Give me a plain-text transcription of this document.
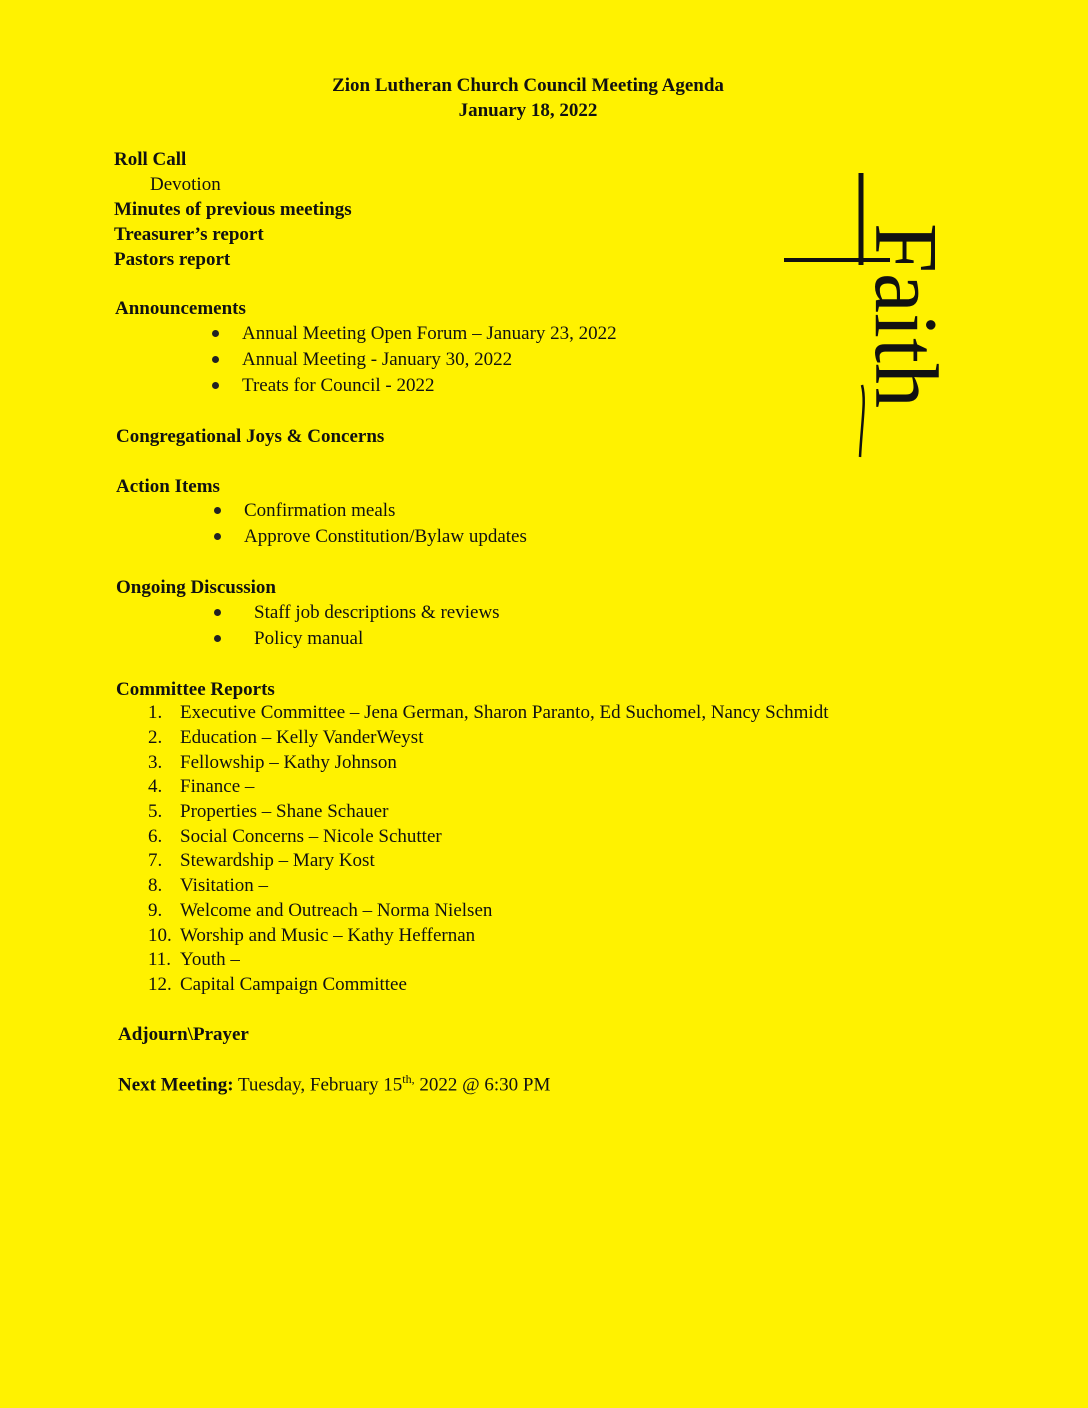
Zion Lutheran Church Council Meeting Agenda
January 18, 2022
Roll Call
Devotion
Minutes of previous meetings
Treasurer’s report
Pastors report
Announcements
Annual Meeting Open Forum – January 23, 2022
Annual Meeting - January 30, 2022
Treats for Council - 2022
Congregational Joys & Concerns
Action Items
Confirmation meals
Approve Constitution/Bylaw updates
Ongoing Discussion
Staff job descriptions & reviews
Policy manual
Committee Reports
1. Executive Committee – Jena German, Sharon Paranto, Ed Suchomel, Nancy Schmidt
2. Education – Kelly VanderWeyst
3. Fellowship – Kathy Johnson
4. Finance –
5. Properties – Shane Schauer
6. Social Concerns – Nicole Schutter
7. Stewardship – Mary Kost
8. Visitation –
9. Welcome and Outreach – Norma Nielsen
10. Worship and Music – Kathy Heffernan
11. Youth –
12. Capital Campaign Committee
Adjourn\Prayer
Next Meeting: Tuesday, February $15^{th,}$ 2022 @ 6:30 PM
Faith
